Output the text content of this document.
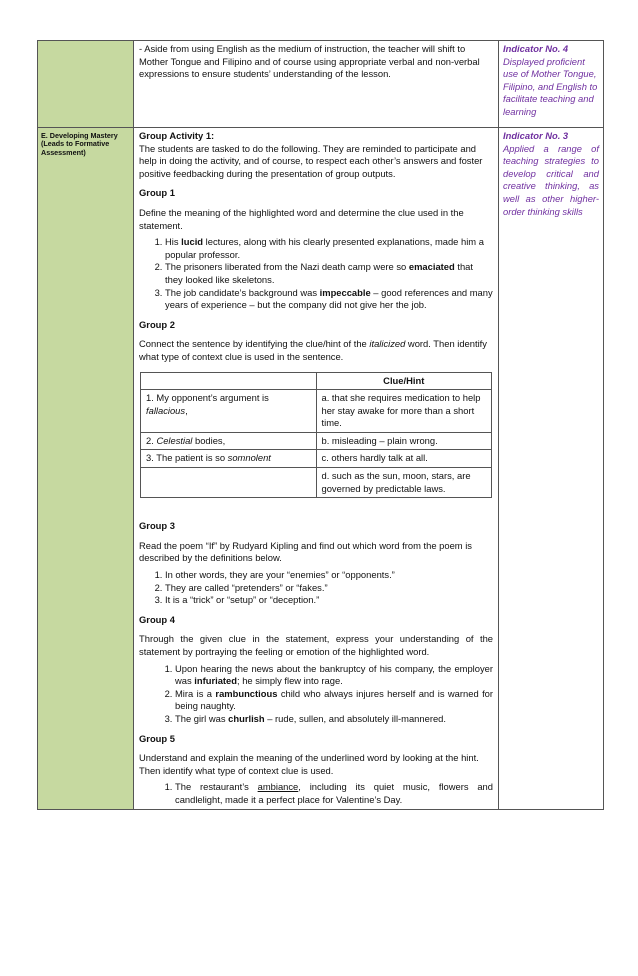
- Aside from using English as the medium of instruction, the teacher will shift to Mother Tongue and Filipino and of course using appropriate verbal and non-verbal expressions to ensure students’ understanding of the lesson.

Indicator No. 4
Displayed proficient use of Mother Tongue, Filipino, and English to facilitate teaching and learning

E. Developing Mastery (Leads to Formative Assessment)

Group Activity 1:

The students are tasked to do the following. They are reminded to participate and help in doing the activity, and of course, to respect each other’s answers and foster positive feedbacking during the presentation of group outputs.

Group 1

Define the meaning of the highlighted word and determine the clue used in the statement.

1. His lucid lectures, along with his clearly presented explanations, made him a popular professor.
2. The prisoners liberated from the Nazi death camp were so emaciated that they looked like skeletons.
3. The job candidate’s background was impeccable – good references and many years of experience – but the company did not give her the job.

Group 2

Connect the sentence by identifying the clue/hint of the italicized word. Then identify what type of context clue is used in the sentence.

	Clue/Hint
1. My opponent’s argument is fallacious,	a. that she requires medication to help her stay awake for more than a short time.
2. Celestial bodies,	b. misleading – plain wrong.
3. The patient is so somnolent	c. others hardly talk at all.
	d. such as the sun, moon, stars, are governed by predictable laws.

Group 3

Read the poem “If” by Rudyard Kipling and find out which word from the poem is described by the definitions below.

1. In other words, they are your “enemies” or “opponents.”
2. They are called “pretenders” or “fakes.”
3. It is a “trick” or “setup” or “deception.”

Group 4

Through the given clue in the statement, express your understanding of the statement by portraying the feeling or emotion of the highlighted word.

1. Upon hearing the news about the bankruptcy of his company, the employer was infuriated; he simply flew into rage.
2. Mira is a rambunctious child who always injures herself and is warned for being naughty.
3. The girl was churlish – rude, sullen, and absolutely ill-mannered.

Group 5

Understand and explain the meaning of the underlined word by looking at the hint. Then identify what type of context clue is used.

1. The restaurant’s ambiance, including its quiet music, flowers and candlelight, made it a perfect place for Valentine’s Day.

Indicator No. 3
Applied a range of teaching strategies to develop critical and creative thinking, as well as other higher-order thinking skills
